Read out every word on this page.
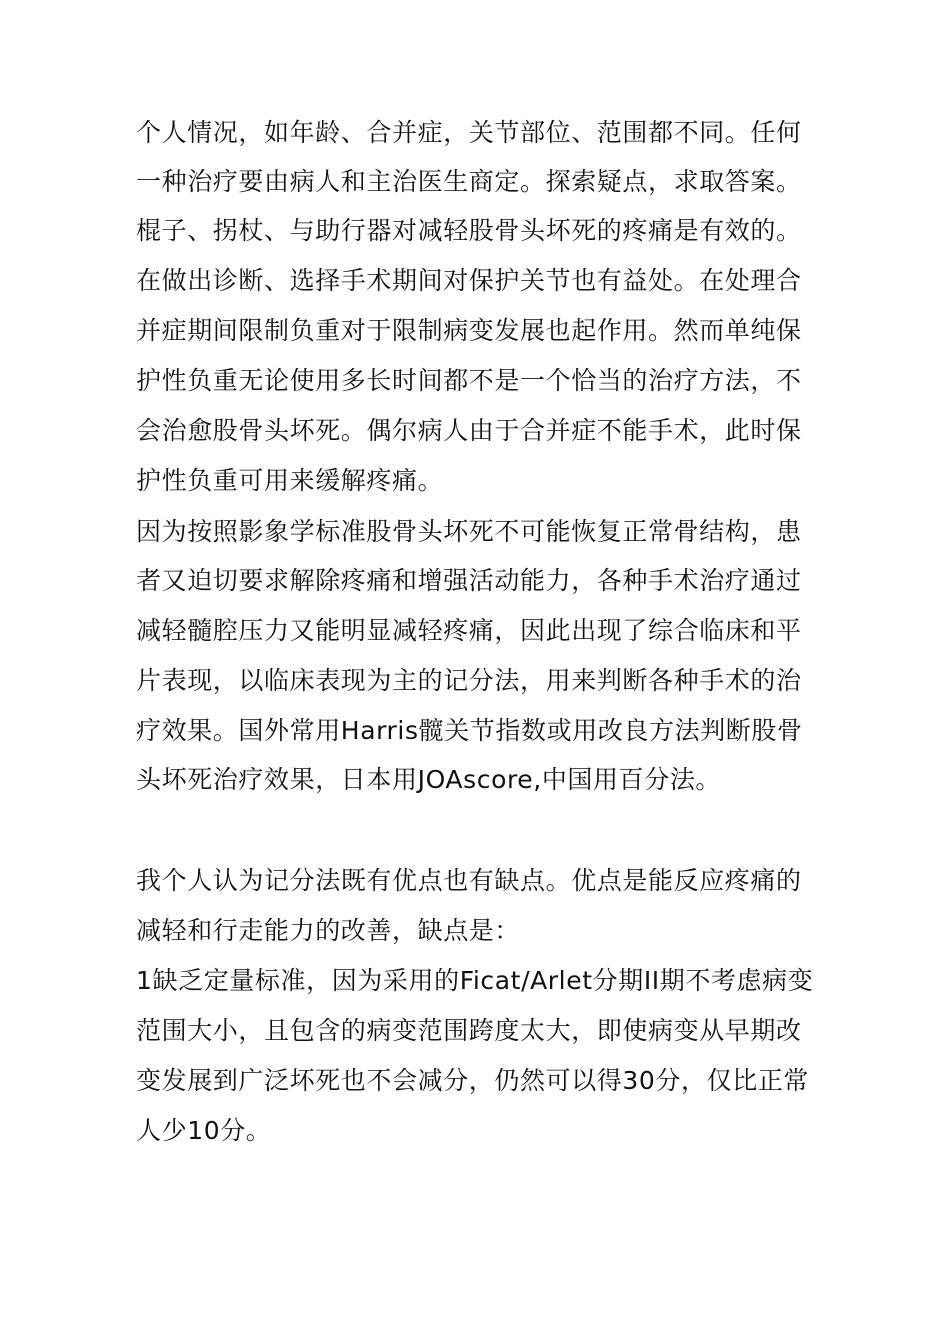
个人情况，如年龄、合并症，关节部位、范围都不同。任何
一种治疗要由病人和主治医生商定。探索疑点，求取答案。
棍子、拐杖、与助行器对减轻股骨头坏死的疼痛是有效的。
在做出诊断、选择手术期间对保护关节也有益处。在处理合
并症期间限制负重对于限制病变发展也起作用。然而单纯保
护性负重无论使用多长时间都不是一个恰当的治疗方法，不
会治愈股骨头坏死。偶尔病人由于合并症不能手术，此时保
护性负重可用来缓解疼痛。
因为按照影象学标准股骨头坏死不可能恢复正常骨结构，患
者又迫切要求解除疼痛和增强活动能力，各种手术治疗通过
减轻髓腔压力又能明显减轻疼痛，因此出现了综合临床和平
片表现，以临床表现为主的记分法，用来判断各种手术的治
疗效果。国外常用Harris髋关节指数或用改良方法判断股骨
头坏死治疗效果，日本用JOAscore,中国用百分法。
我个人认为记分法既有优点也有缺点。优点是能反应疼痛的
减轻和行走能力的改善，缺点是：
1缺乏定量标准，因为采用的Ficat/Arlet分期II期不考虑病变
范围大小，且包含的病变范围跨度太大，即使病变从早期改
变发展到广泛坏死也不会减分，仍然可以得30分，仅比正常
人少10分。
